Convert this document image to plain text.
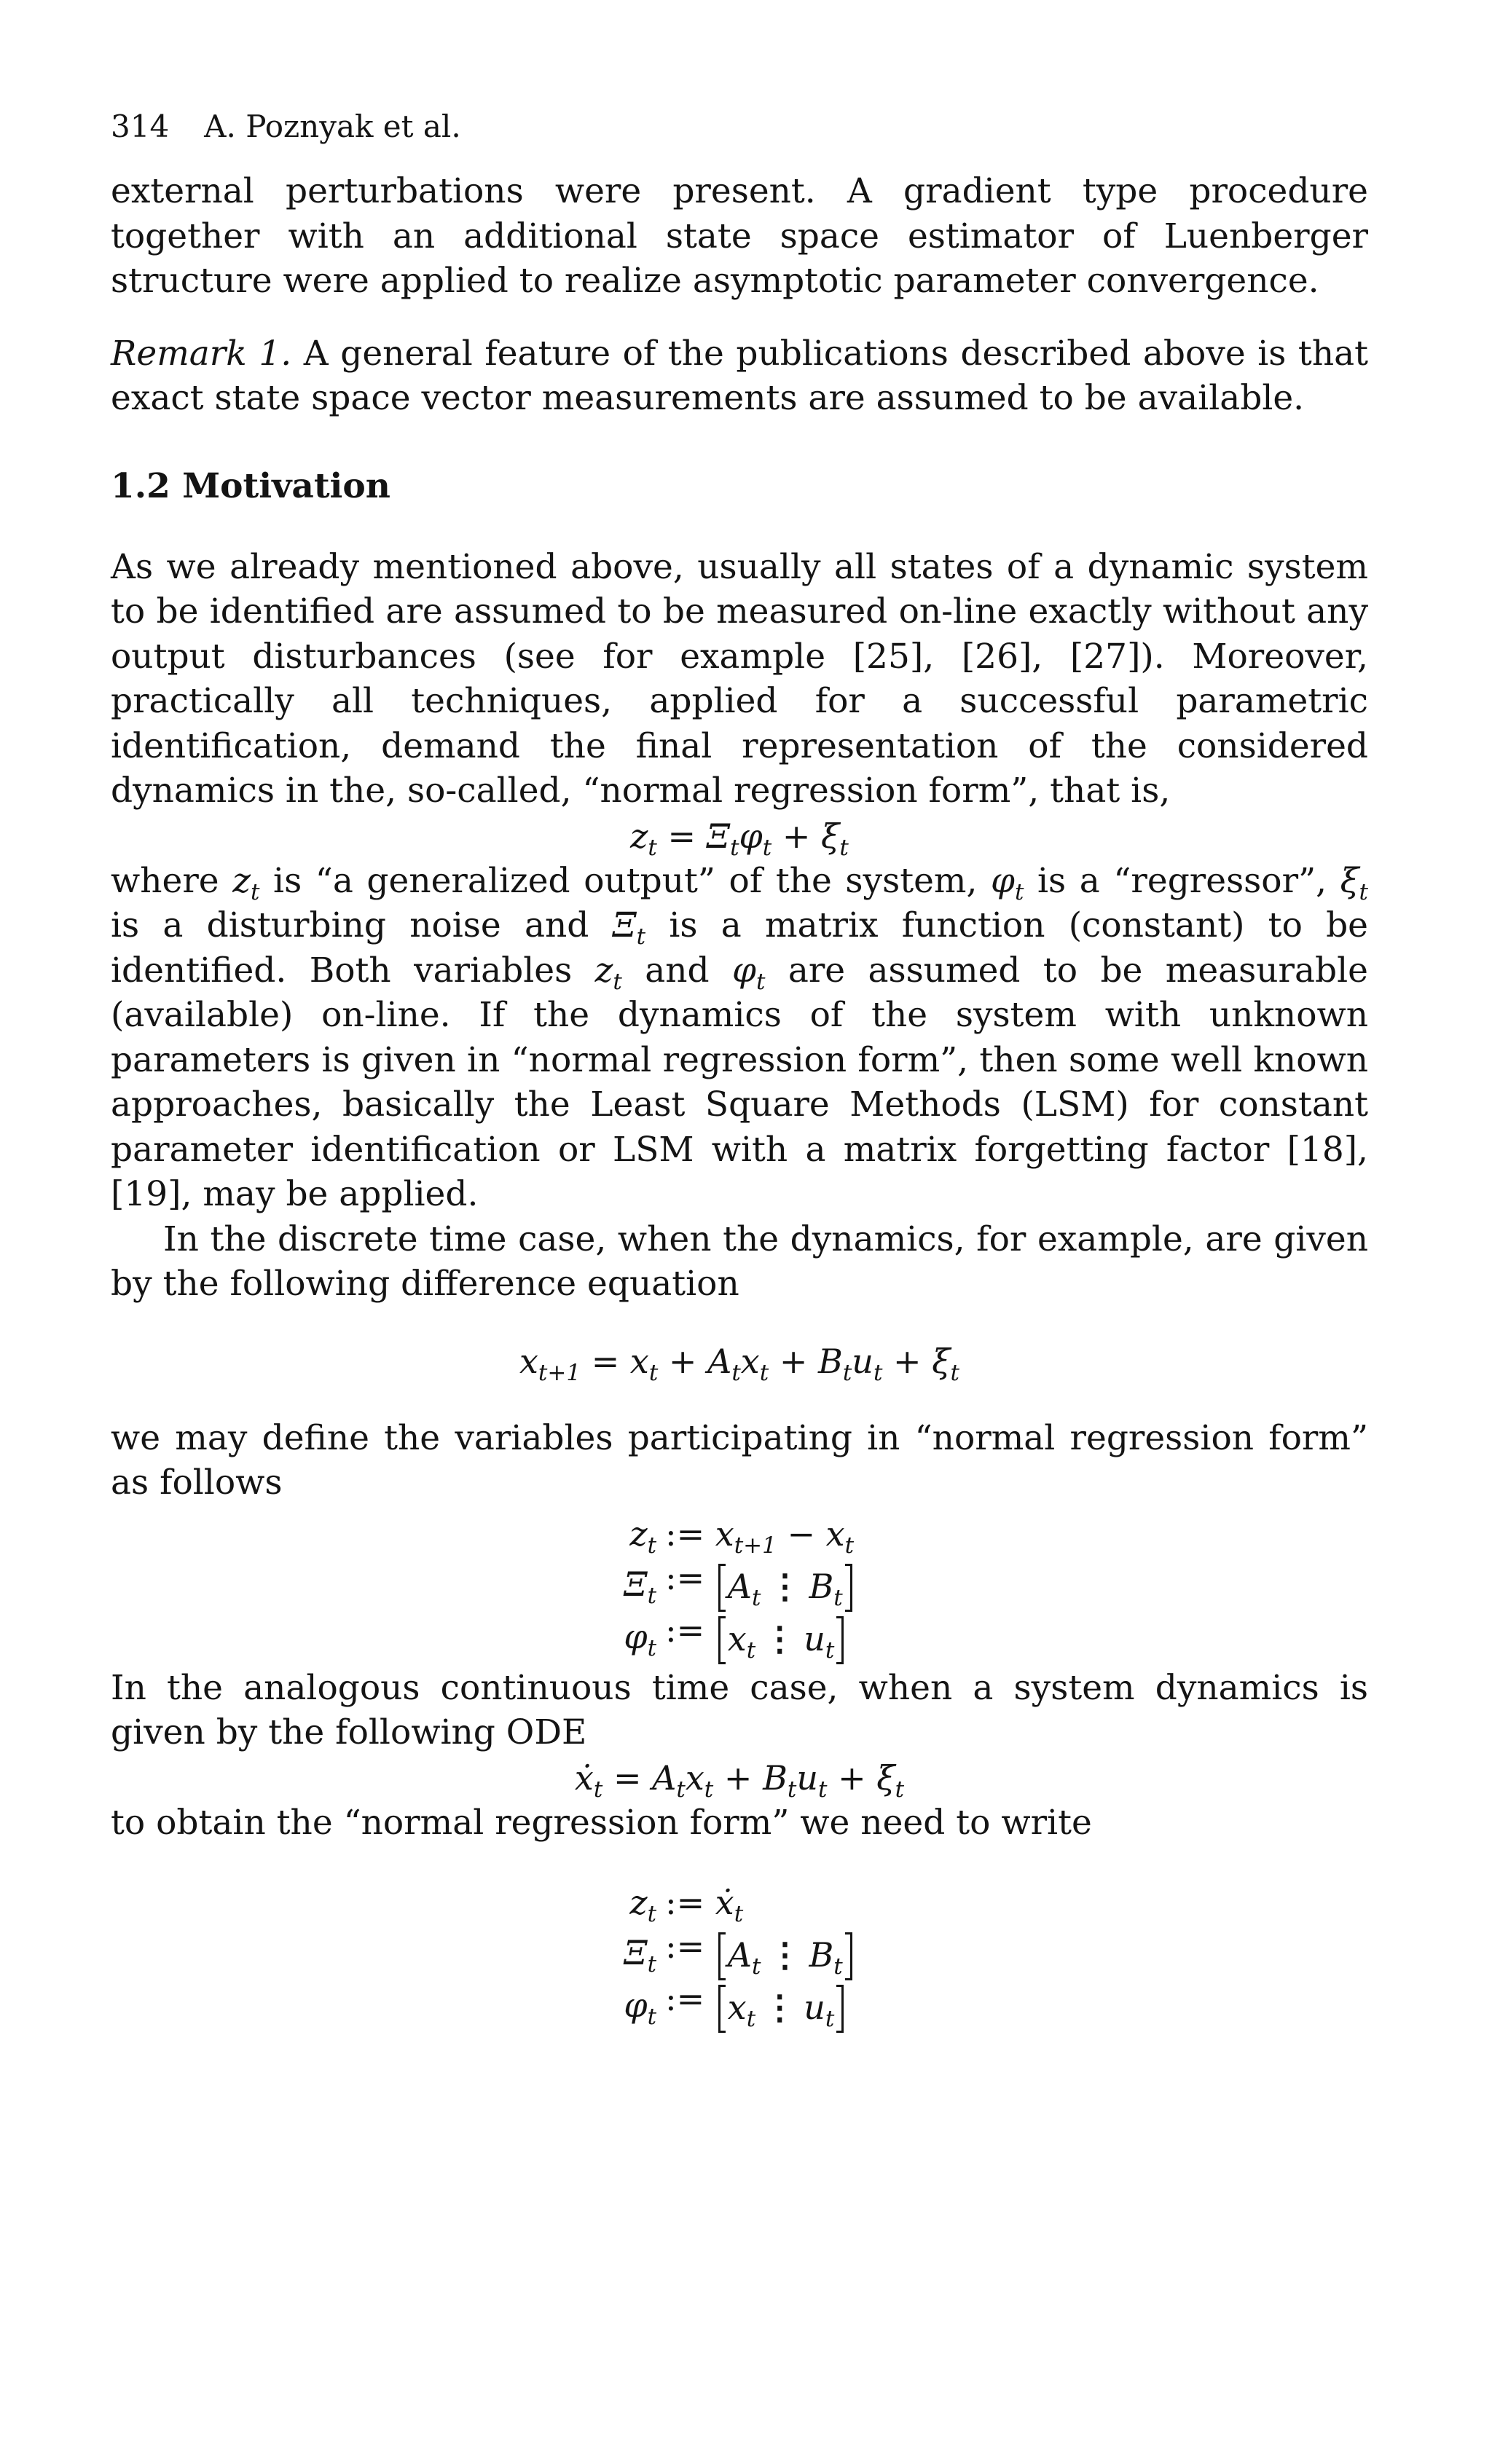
314 A. Poznyak et al.

external perturbations were present. A gradient type procedure together with an additional state space estimator of Luenberger structure were applied to realize asymptotic parameter convergence.

Remark 1. A general feature of the publications described above is that exact state space vector measurements are assumed to be available.

1.2 Motivation

As we already mentioned above, usually all states of a dynamic system to be identified are assumed to be measured on-line exactly without any output disturbances (see for example [25], [26], [27]). Moreover, practically all techniques, applied for a successful parametric identification, demand the final representation of the considered dynamics in the, so-called, “normal regression form”, that is,

$z_t = \Xi_t\varphi_t + \xi_t$

where $z_t$ is “a generalized output” of the system, $\varphi_t$ is a “regressor”, $\xi_t$ is a disturbing noise and $\Xi_t$ is a matrix function (constant) to be identified. Both variables $z_t$ and $\varphi_t$ are assumed to be measurable (available) on-line. If the dynamics of the system with unknown parameters is given in “normal regression form”, then some well known approaches, basically the Least Square Methods (LSM) for constant parameter identification or LSM with a matrix forgetting factor [18], [19], may be applied.

In the discrete time case, when the dynamics, for example, are given by the following difference equation

$x_{t+1} = x_t + A_tx_t + B_tu_t + \xi_t$

we may define the variables participating in “normal regression form” as follows

$z_t$	:= $x_{t+1} - x_t$
$\Xi_t$	:=
$A_t$ ⋮ $B_t$
$\varphi_t$	:=
$x_t$ ⋮ $u_t$

In the analogous continuous time case, when a system dynamics is given by the following ODE

ẋ$_t$ = $A_tx_t + B_tu_t + \xi_t$

to obtain the “normal regression form” we need to write

$z_t$	:= ẋ$_t$
$\Xi_t$	:=
$A_t$ ⋮ $B_t$
$\varphi_t$	:=
$x_t$ ⋮ $u_t$
